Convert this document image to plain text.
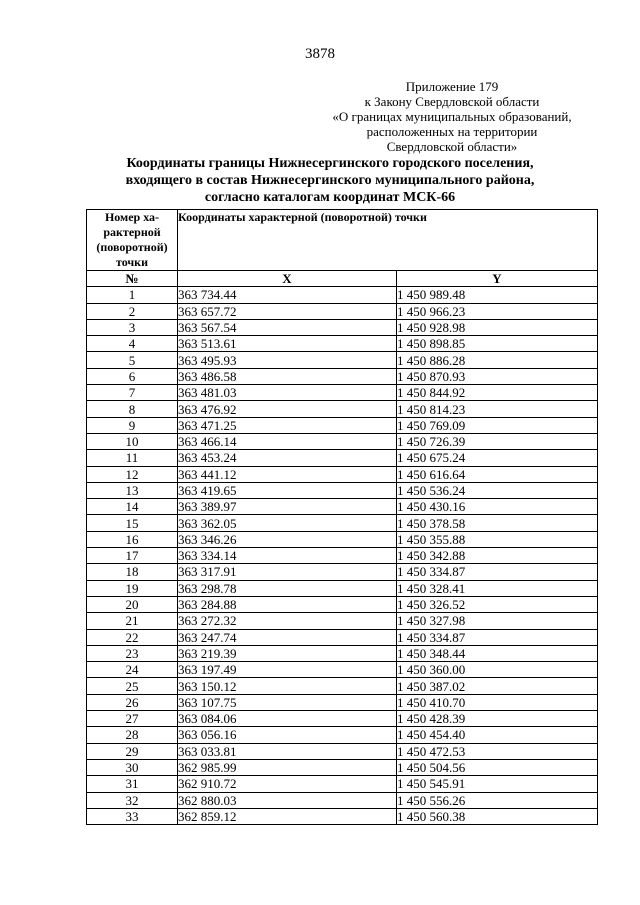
3878
Приложение 179
к Закону Свердловской области
«О границах муниципальных образований,
расположенных на территории
Свердловской области»
Координаты границы Нижнесергинского городского поселения,
входящего в состав Нижнесергинского муниципального района,
согласно каталогам координат МСК-66
Номер ха-
рактерной
(поворотной)
точки	Координаты характерной (поворотной) точки	
№	X	Y
1	363 734.44	1 450 989.48
2	363 657.72	1 450 966.23
3	363 567.54	1 450 928.98
4	363 513.61	1 450 898.85
5	363 495.93	1 450 886.28
6	363 486.58	1 450 870.93
7	363 481.03	1 450 844.92
8	363 476.92	1 450 814.23
9	363 471.25	1 450 769.09
10	363 466.14	1 450 726.39
11	363 453.24	1 450 675.24
12	363 441.12	1 450 616.64
13	363 419.65	1 450 536.24
14	363 389.97	1 450 430.16
15	363 362.05	1 450 378.58
16	363 346.26	1 450 355.88
17	363 334.14	1 450 342.88
18	363 317.91	1 450 334.87
19	363 298.78	1 450 328.41
20	363 284.88	1 450 326.52
21	363 272.32	1 450 327.98
22	363 247.74	1 450 334.87
23	363 219.39	1 450 348.44
24	363 197.49	1 450 360.00
25	363 150.12	1 450 387.02
26	363 107.75	1 450 410.70
27	363 084.06	1 450 428.39
28	363 056.16	1 450 454.40
29	363 033.81	1 450 472.53
30	362 985.99	1 450 504.56
31	362 910.72	1 450 545.91
32	362 880.03	1 450 556.26
33	362 859.12	1 450 560.38
